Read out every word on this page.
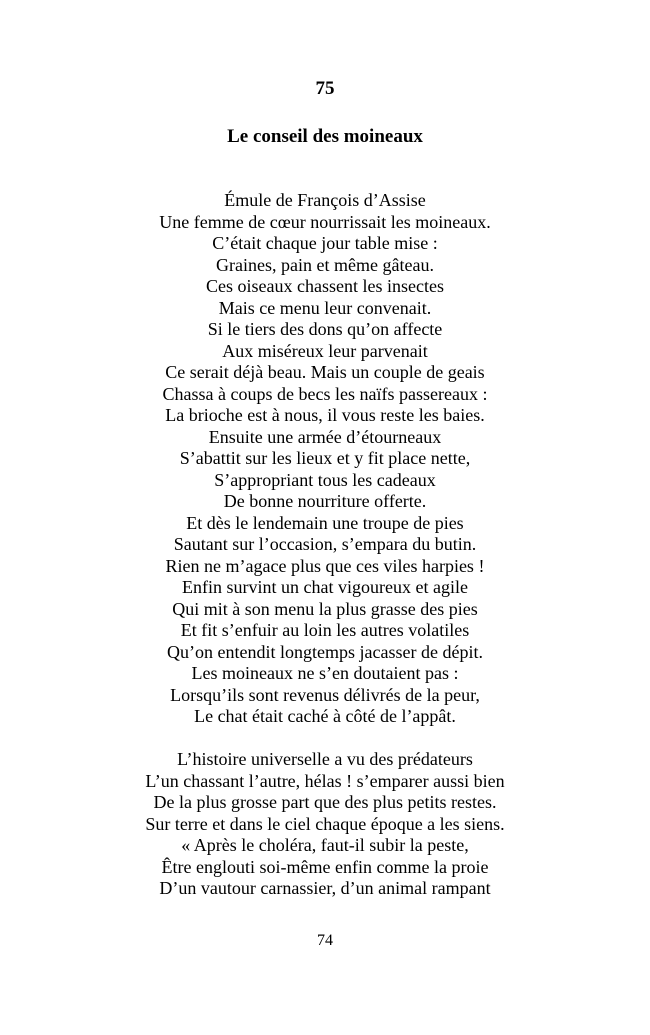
75
Le conseil des moineaux
Émule de François d’Assise
Une femme de cœur nourrissait les moineaux.
C’était chaque jour table mise :
Graines, pain et même gâteau.
Ces oiseaux chassent les insectes
Mais ce menu leur convenait.
Si le tiers des dons qu’on affecte
Aux miséreux leur parvenait
Ce serait déjà beau. Mais un couple de geais
Chassa à coups de becs les naïfs passereaux :
La brioche est à nous, il vous reste les baies.
Ensuite une armée d’étourneaux
S’abattit sur les lieux et y fit place nette,
S’appropriant tous les cadeaux
De bonne nourriture offerte.
Et dès le lendemain une troupe de pies
Sautant sur l’occasion, s’empara du butin.
Rien ne m’agace plus que ces viles harpies !
Enfin survint un chat vigoureux et agile
Qui mit à son menu la plus grasse des pies
Et fit s’enfuir au loin les autres volatiles
Qu’on entendit longtemps jacasser de dépit.
Les moineaux ne s’en doutaient pas :
Lorsqu’ils sont revenus délivrés de la peur,
Le chat était caché à côté de l’appât.
L’histoire universelle a vu des prédateurs
L’un chassant l’autre, hélas ! s’emparer aussi bien
De la plus grosse part que des plus petits restes.
Sur terre et dans le ciel chaque époque a les siens.
« Après le choléra, faut-il subir la peste,
Être englouti soi-même enfin comme la proie
D’un vautour carnassier, d’un animal rampant
74
